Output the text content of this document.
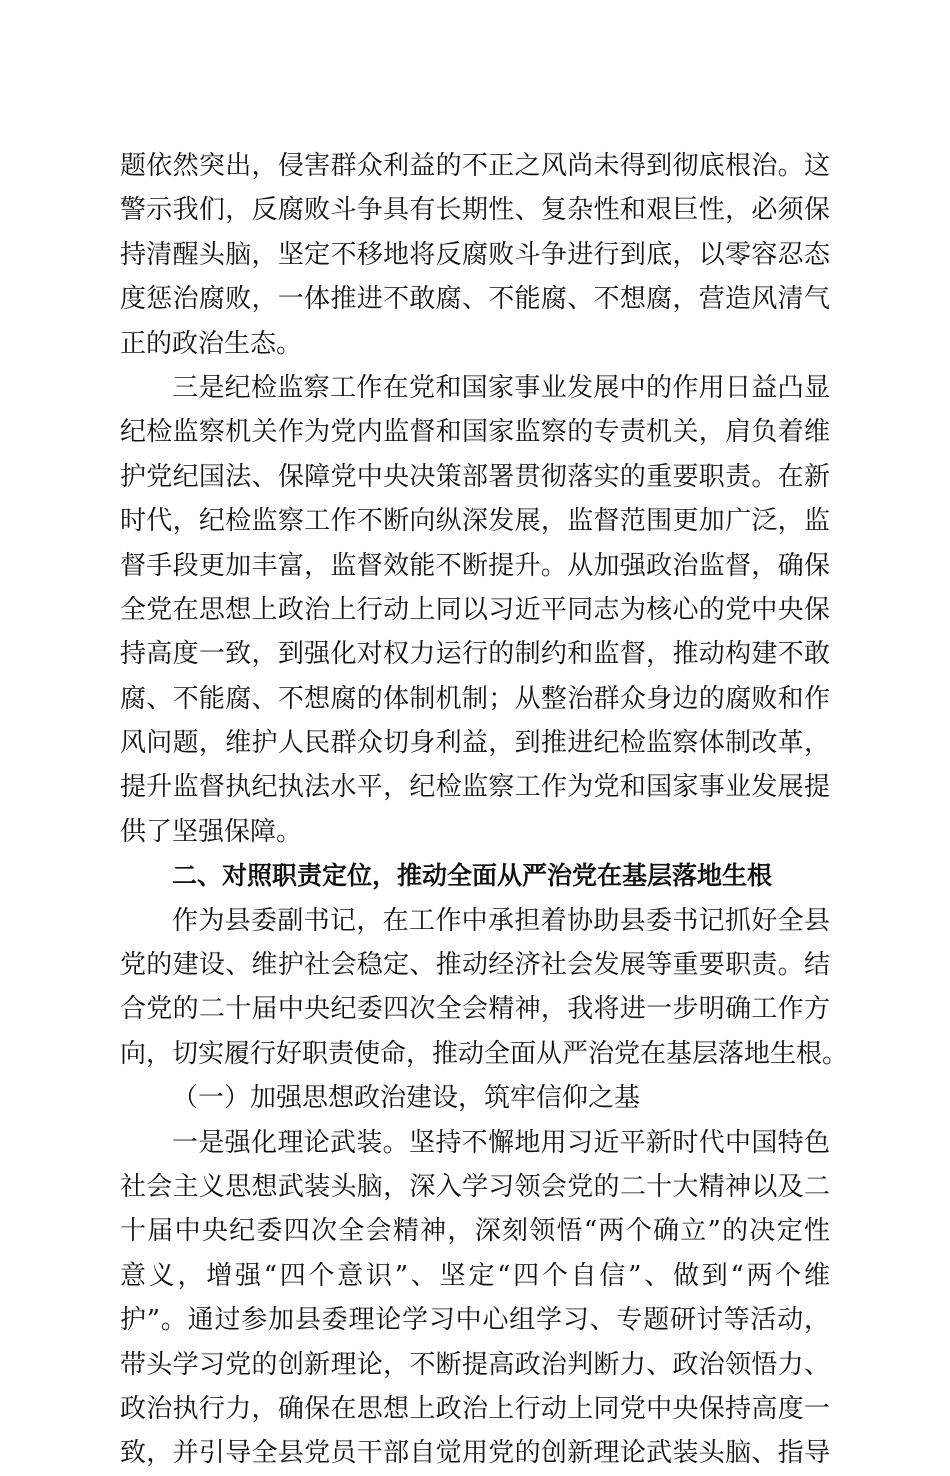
题依然突出，侵害群众利益的不正之风尚未得到彻底根治。这
警示我们，反腐败斗争具有长期性、复杂性和艰巨性，必须保
持清醒头脑，坚定不移地将反腐败斗争进行到底，以零容忍态
度惩治腐败，一体推进不敢腐、不能腐、不想腐，营造风清气
正的政治生态。
三是纪检监察工作在党和国家事业发展中的作用日益凸显
纪检监察机关作为党内监督和国家监察的专责机关，肩负着维
护党纪国法、保障党中央决策部署贯彻落实的重要职责。在新
时代，纪检监察工作不断向纵深发展，监督范围更加广泛，监
督手段更加丰富，监督效能不断提升。从加强政治监督，确保
全党在思想上政治上行动上同以习近平同志为核心的党中央保
持高度一致，到强化对权力运行的制约和监督，推动构建不敢
腐、不能腐、不想腐的体制机制；从整治群众身边的腐败和作
风问题，维护人民群众切身利益，到推进纪检监察体制改革，
提升监督执纪执法水平，纪检监察工作为党和国家事业发展提
供了坚强保障。
二、对照职责定位，推动全面从严治党在基层落地生根
作为县委副书记，在工作中承担着协助县委书记抓好全县
党的建设、维护社会稳定、推动经济社会发展等重要职责。结
合党的二十届中央纪委四次全会精神，我将进一步明确工作方
向，切实履行好职责使命，推动全面从严治党在基层落地生根。
（一）加强思想政治建设，筑牢信仰之基
一是强化理论武装。坚持不懈地用习近平新时代中国特色
社会主义思想武装头脑，深入学习领会党的二十大精神以及二
十届中央纪委四次全会精神，深刻领悟“两个确立”的决定性
意义，增强“四个意识”、坚定“四个自信”、做到“两个维
护”。通过参加县委理论学习中心组学习、专题研讨等活动，
带头学习党的创新理论，不断提高政治判断力、政治领悟力、
政治执行力，确保在思想上政治上行动上同党中央保持高度一
致，并引导全县党员干部自觉用党的创新理论武装头脑、指导
